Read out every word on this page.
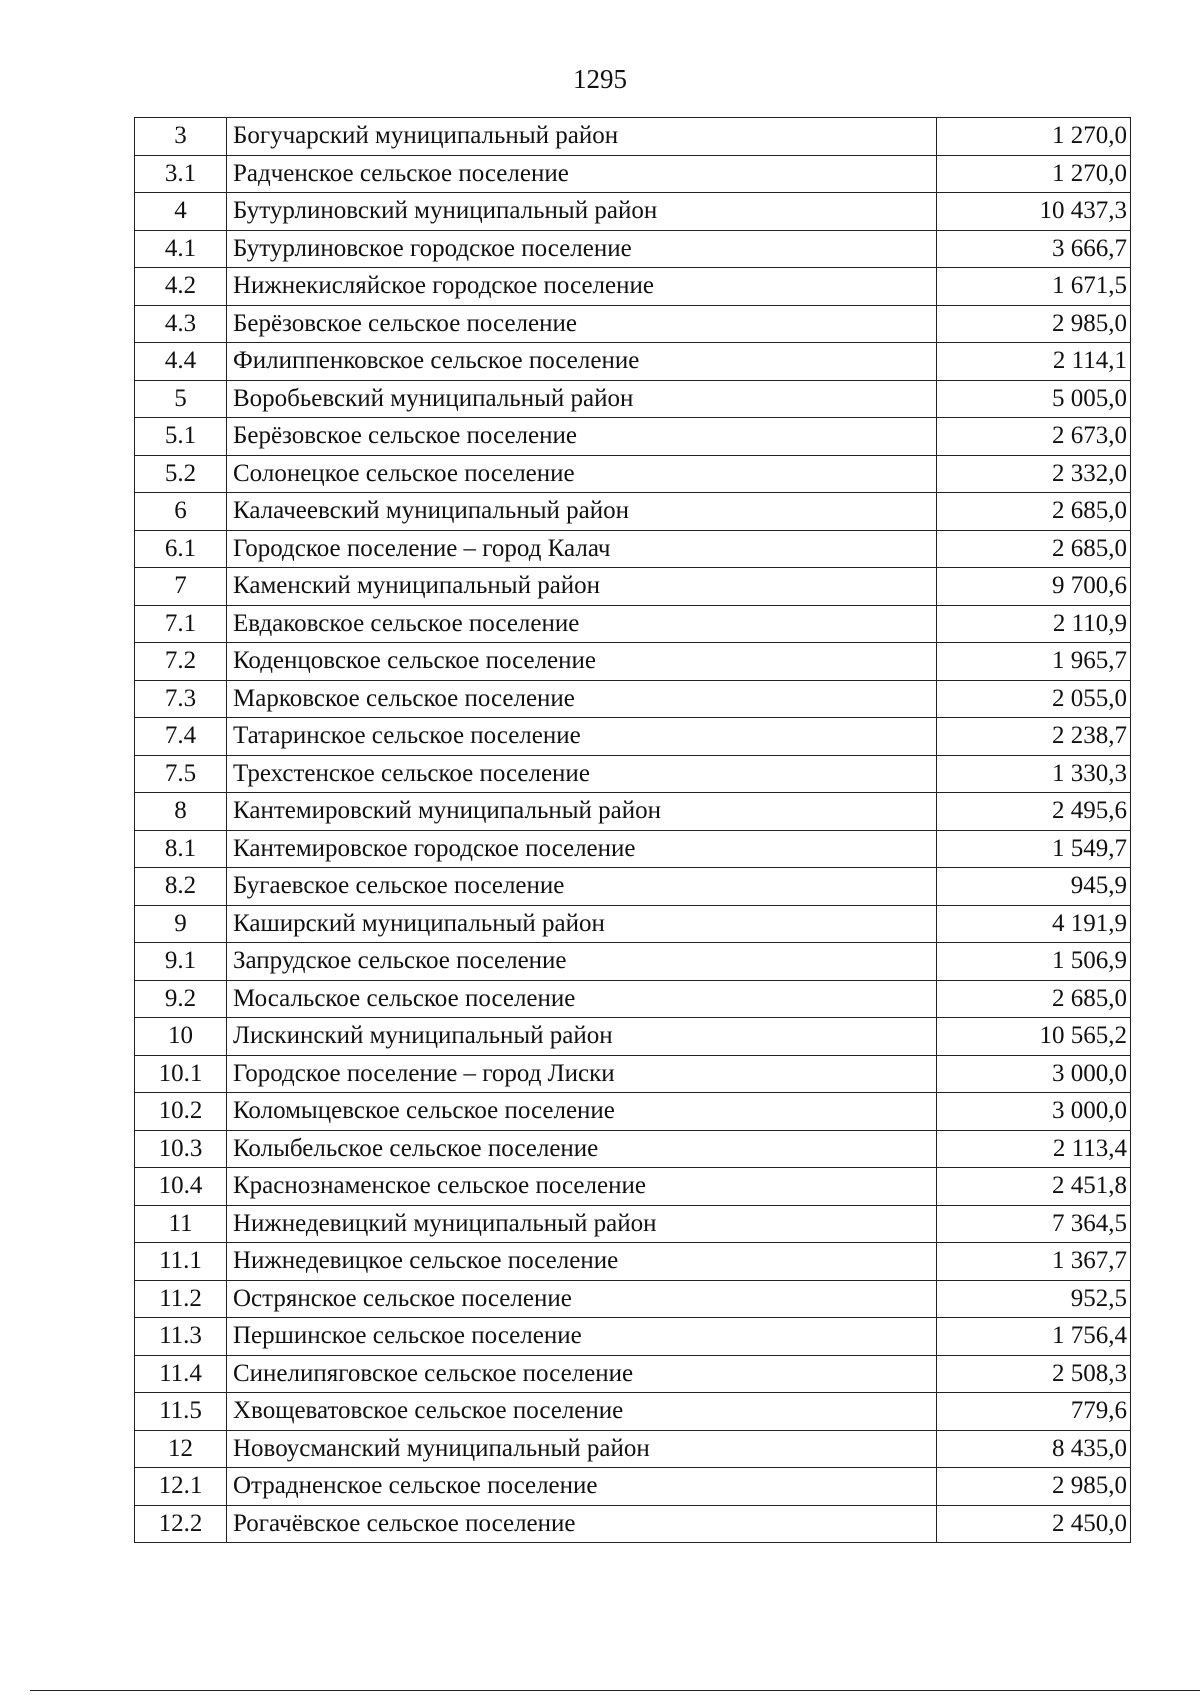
1295
3	Богучарский муниципальный район	1 270,0
3.1	Радченское сельское поселение	1 270,0
4	Бутурлиновский муниципальный район	10 437,3
4.1	Бутурлиновское городское поселение	3 666,7
4.2	Нижнекисляйское городское поселение	1 671,5
4.3	Берёзовское сельское поселение	2 985,0
4.4	Филиппенковское сельское поселение	2 114,1
5	Воробьевский муниципальный район	5 005,0
5.1	Берёзовское сельское поселение	2 673,0
5.2	Солонецкое сельское поселение	2 332,0
6	Калачеевский муниципальный район	2 685,0
6.1	Городское поселение – город Калач	2 685,0
7	Каменский муниципальный район	9 700,6
7.1	Евдаковское сельское поселение	2 110,9
7.2	Коденцовское сельское поселение	1 965,7
7.3	Марковское сельское поселение	2 055,0
7.4	Татаринское сельское поселение	2 238,7
7.5	Трехстенское сельское поселение	1 330,3
8	Кантемировский муниципальный район	2 495,6
8.1	Кантемировское городское поселение	1 549,7
8.2	Бугаевское сельское поселение	945,9
9	Каширский муниципальный район	4 191,9
9.1	Запрудское сельское поселение	1 506,9
9.2	Мосальское сельское поселение	2 685,0
10	Лискинский муниципальный район	10 565,2
10.1	Городское поселение – город Лиски	3 000,0
10.2	Коломыцевское сельское поселение	3 000,0
10.3	Колыбельское сельское поселение	2 113,4
10.4	Краснознаменское сельское поселение	2 451,8
11	Нижнедевицкий муниципальный район	7 364,5
11.1	Нижнедевицкое сельское поселение	1 367,7
11.2	Острянское сельское поселение	952,5
11.3	Першинское сельское поселение	1 756,4
11.4	Синелипяговское сельское поселение	2 508,3
11.5	Хвощеватовское сельское поселение	779,6
12	Новоусманский муниципальный район	8 435,0
12.1	Отрадненское сельское поселение	2 985,0
12.2	Рогачёвское сельское поселение	2 450,0
